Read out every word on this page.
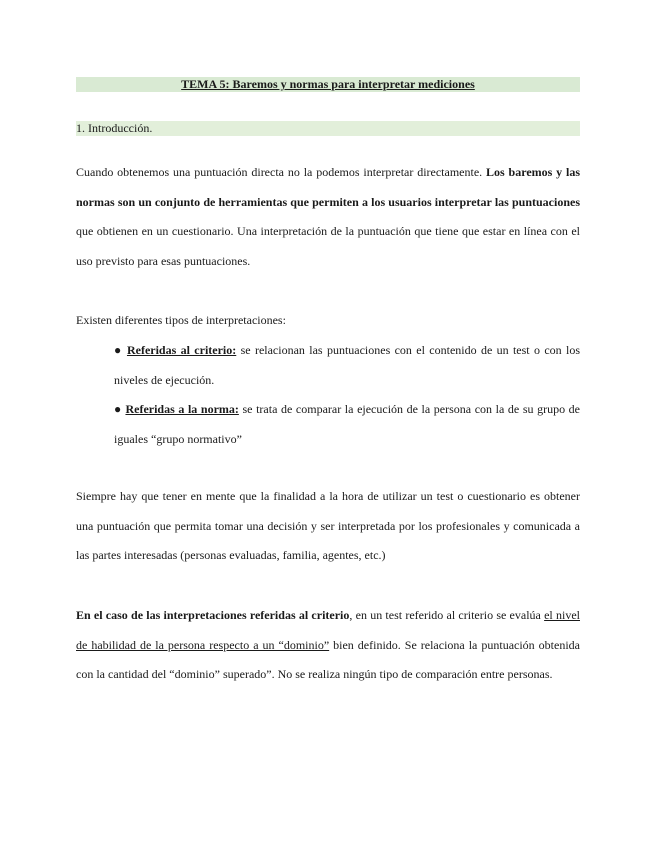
TEMA 5: Baremos y normas para interpretar mediciones
1. Introducción.

Cuando obtenemos una puntuación directa no la podemos interpretar directamente. Los baremos y las normas son un conjunto de herramientas que permiten a los usuarios interpretar las puntuaciones que obtienen en un cuestionario. Una interpretación de la puntuación que tiene que estar en línea con el uso previsto para esas puntuaciones.

Existen diferentes tipos de interpretaciones:

● Referidas al criterio: se relacionan las puntuaciones con el contenido de un test o con los niveles de ejecución.

● Referidas a la norma: se trata de comparar la ejecución de la persona con la de su grupo de iguales “grupo normativo”

Siempre hay que tener en mente que la finalidad a la hora de utilizar un test o cuestionario es obtener una puntuación que permita tomar una decisión y ser interpretada por los profesionales y comunicada a las partes interesadas (personas evaluadas, familia, agentes, etc.)

En el caso de las interpretaciones referidas al criterio, en un test referido al criterio se evalúa el nivel de habilidad de la persona respecto a un “dominio” bien definido. Se relaciona la puntuación obtenida con la cantidad del “dominio” superado”. No se realiza ningún tipo de comparación entre personas.
